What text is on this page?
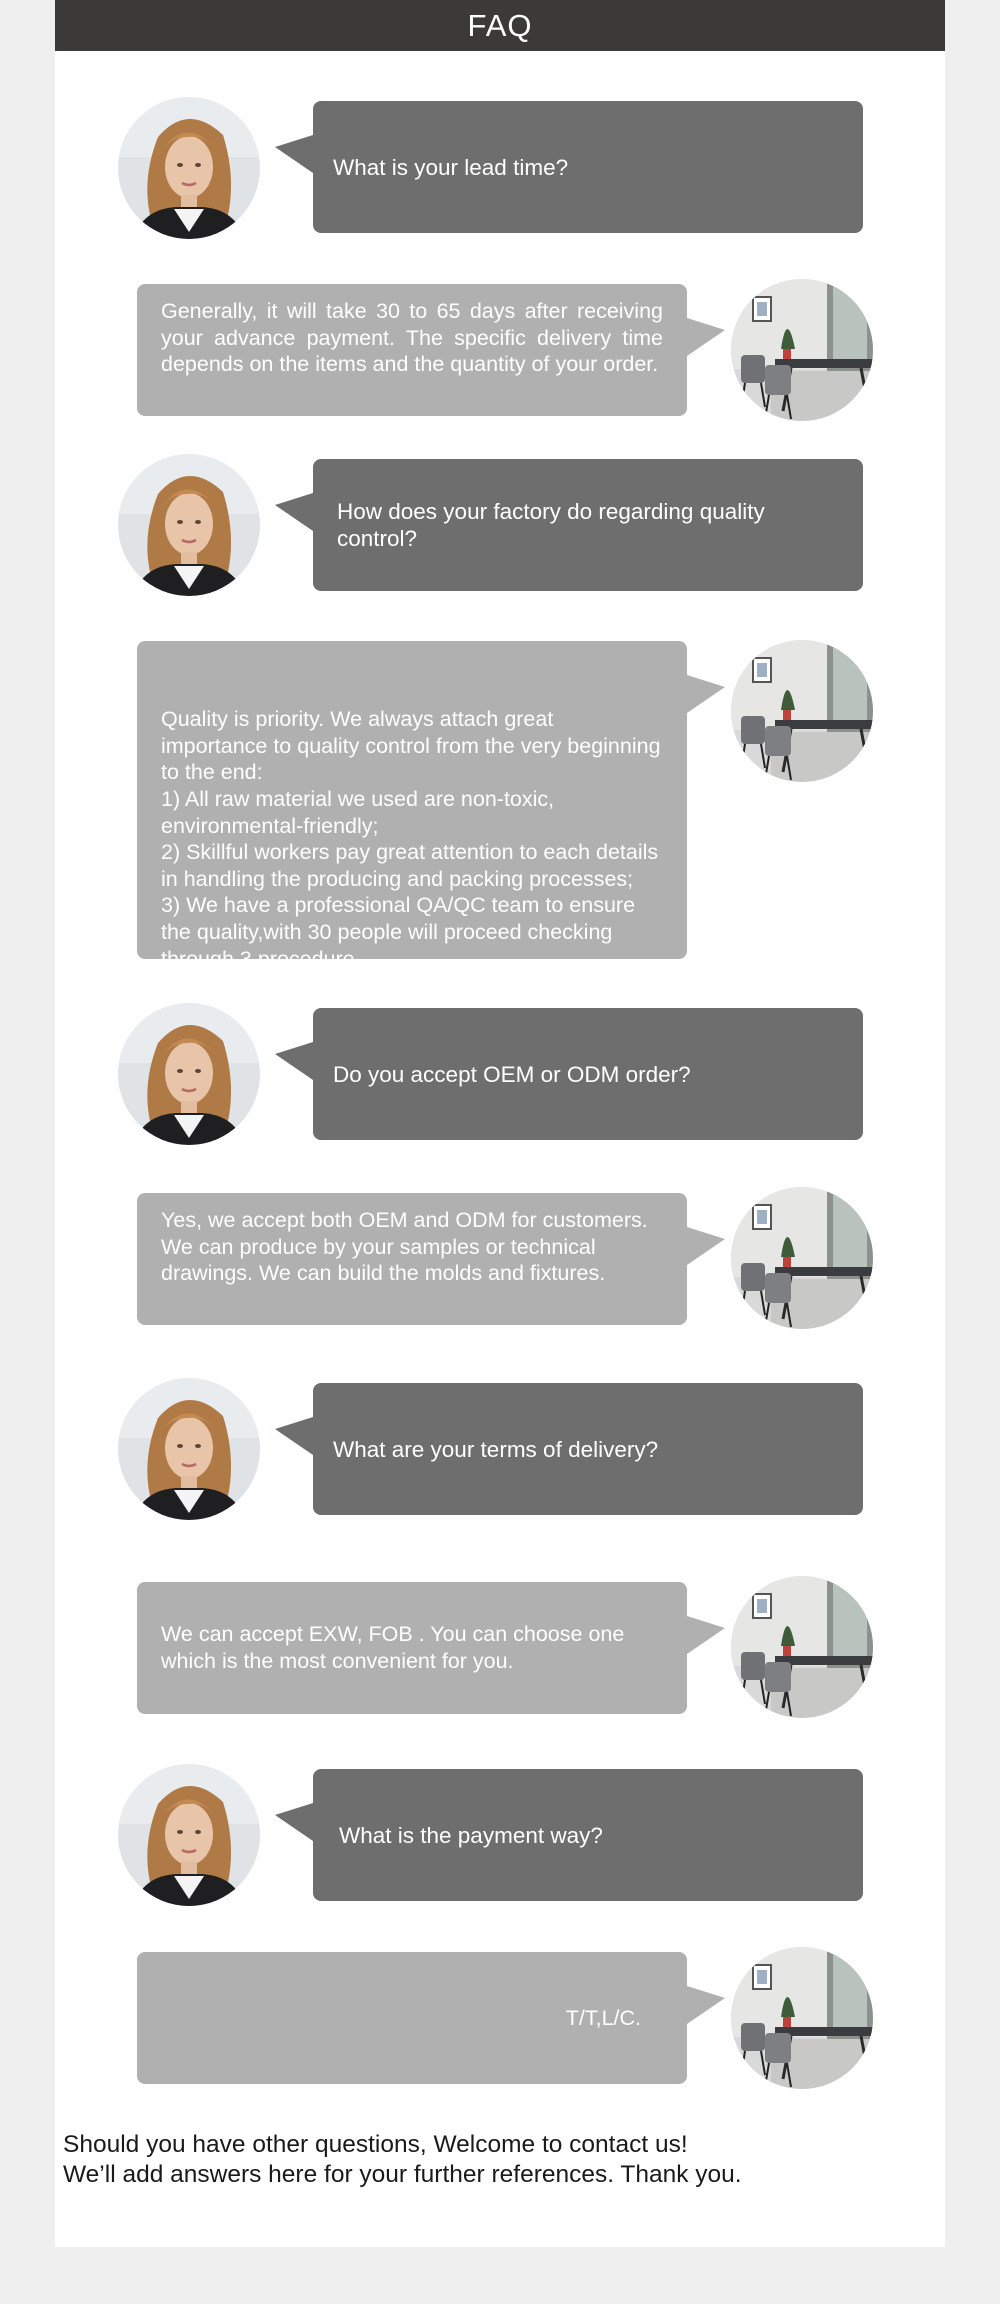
FAQ
What is your lead time?
Generally, it will take 30 to 65 days after receiving your advance payment. The specific delivery time depends on the items and the quantity of your order.
How does your factory do regarding quality control?

Quality is priority. We always attach great importance to quality control from the very beginning to the end:
1) All raw material we used are non-toxic, environmental-friendly;
2) Skillful workers pay great attention to each details in handling the producing and packing processes;
3) We have a professional QA/QC team to ensure the quality,with 30 people will proceed checking through 3 procedure.

Do you accept OEM or ODM order?
Yes, we accept both OEM and ODM for customers. We can produce by your samples or technical drawings. We can build the molds and fixtures.
What are your terms of delivery?
We can accept EXW, FOB . You can choose one which is the most convenient for you.
What is the payment way?
T/T,L/C.
Should you have other questions, Welcome to contact us!
We’ll add answers here for your further references. Thank you.
